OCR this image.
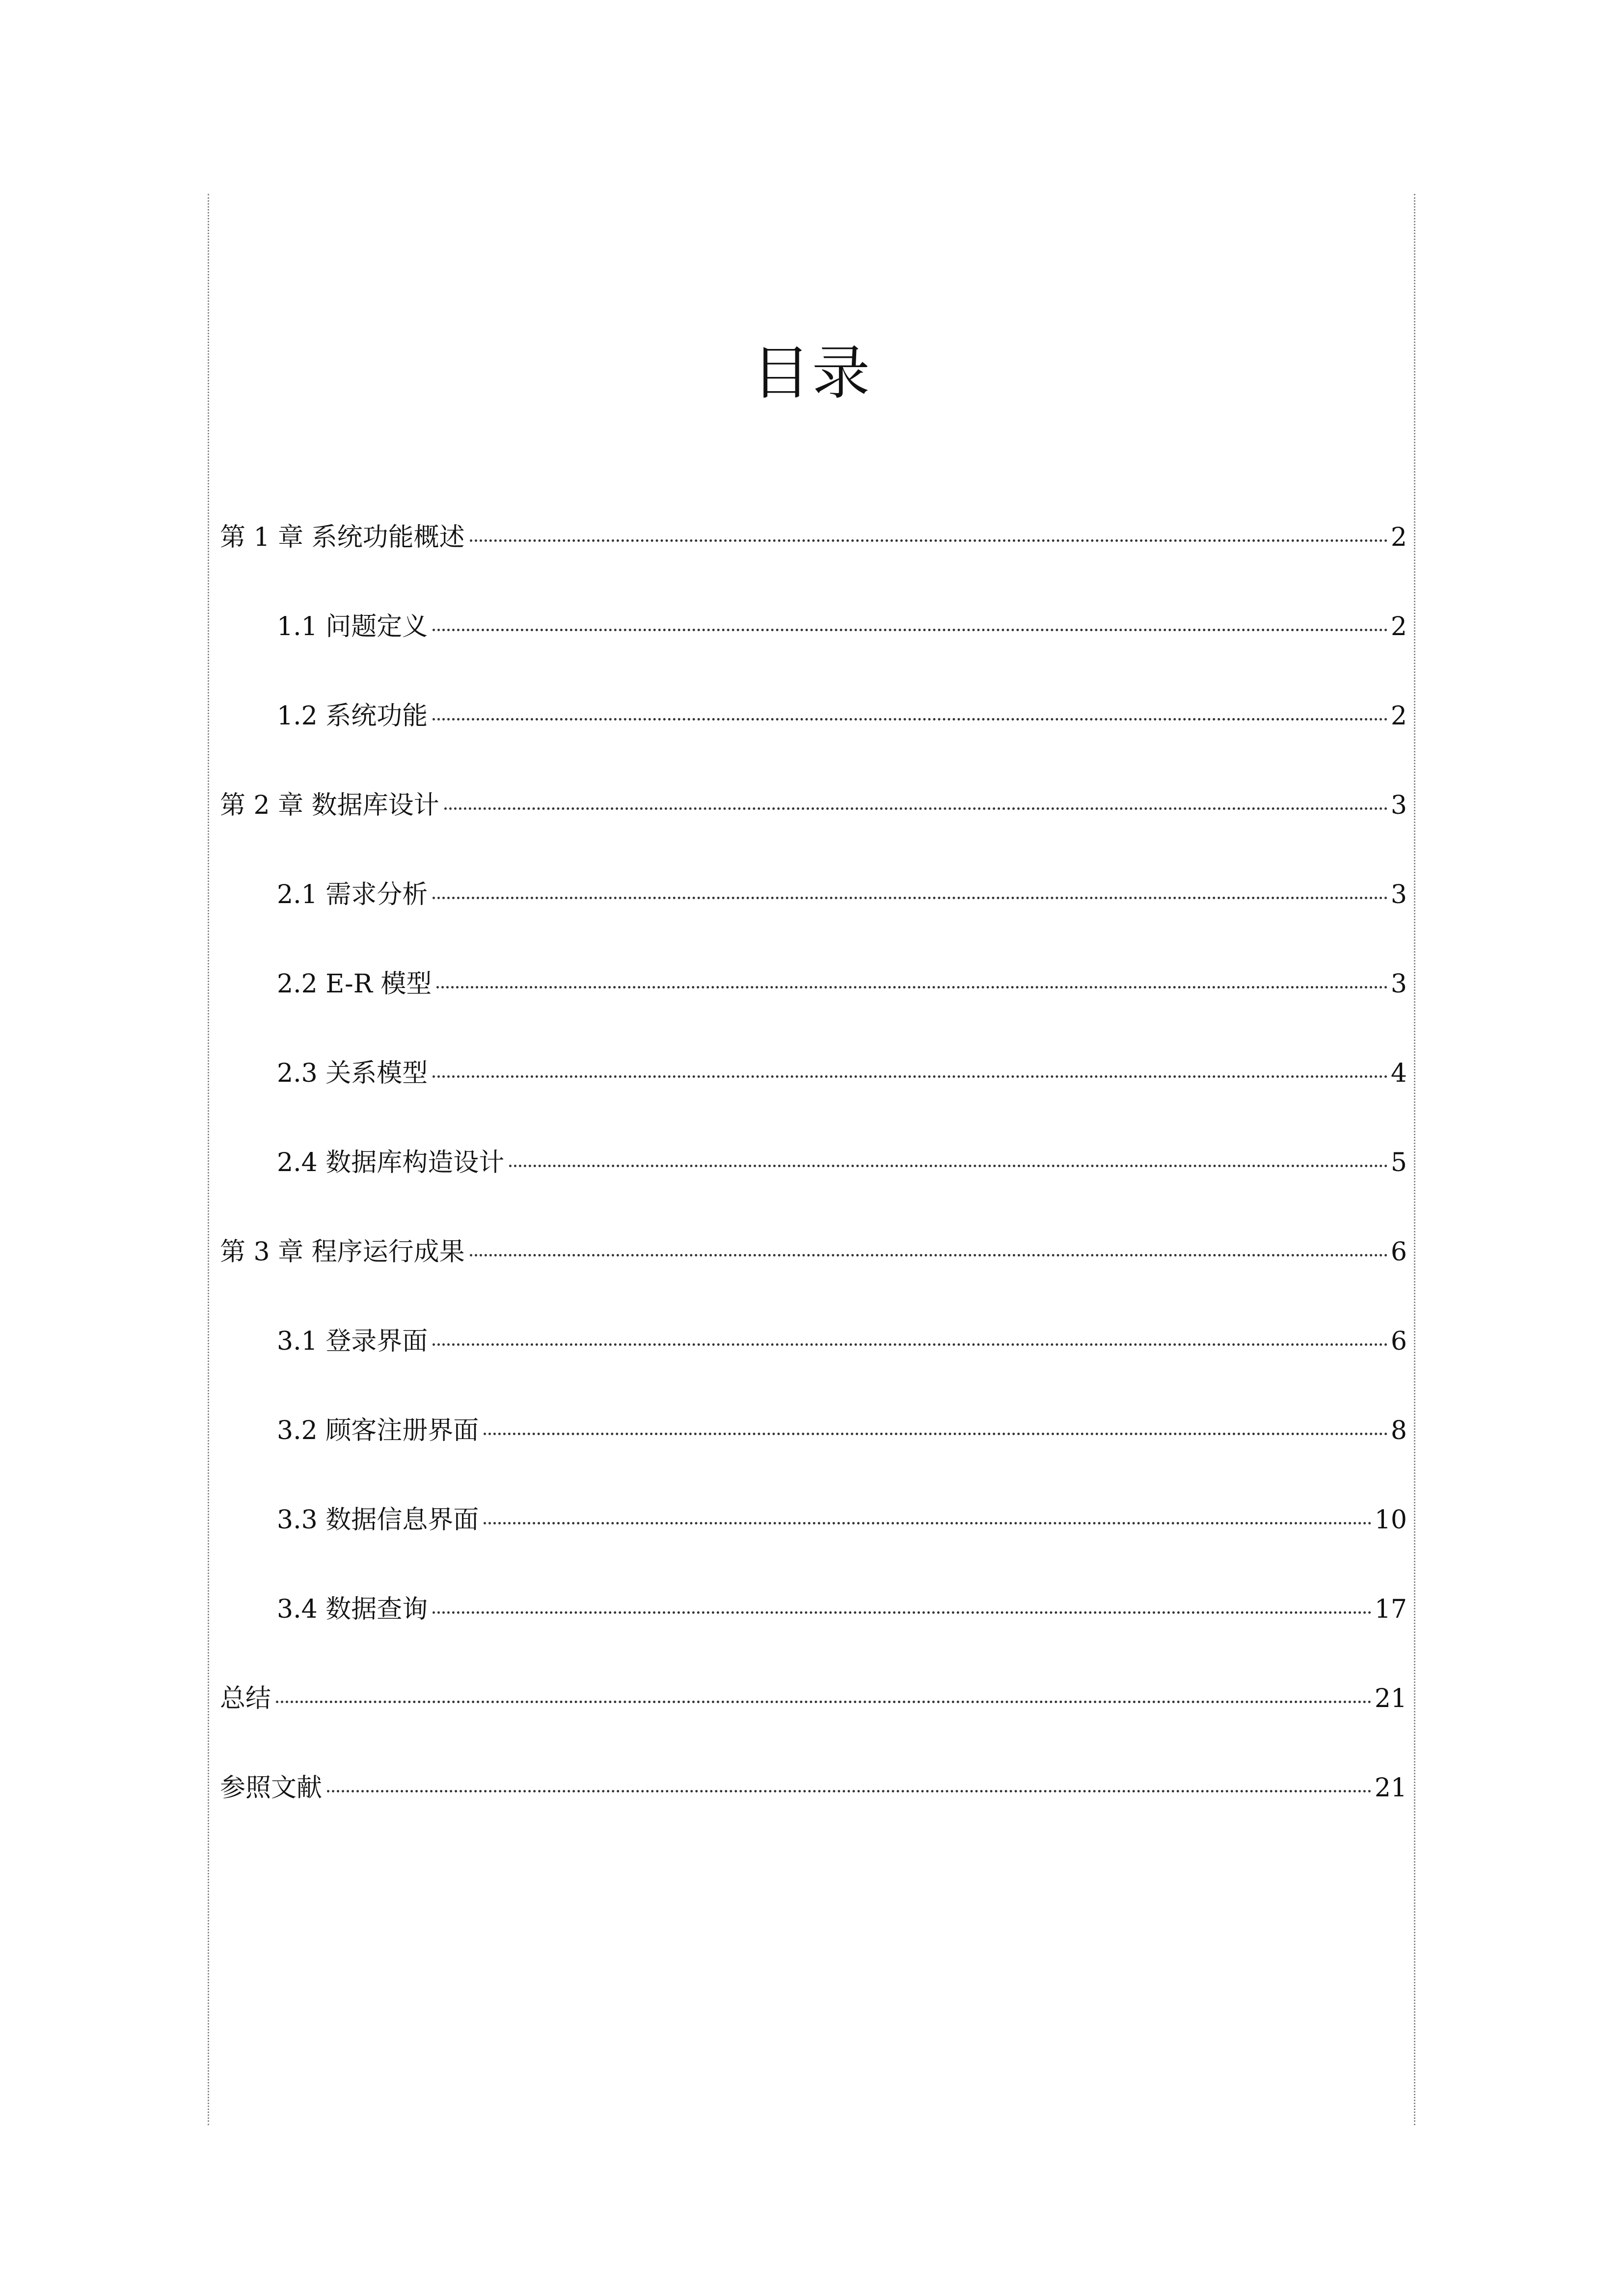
目录
第 1 章 系统功能概述	2
1.1 问题定义	2
1.2 系统功能	2
第 2 章 数据库设计	3
2.1 需求分析	3
2.2 E-R 模型	3
2.3 关系模型	4
2.4 数据库构造设计	5
第 3 章 程序运行成果	6
3.1 登录界面	6
3.2 顾客注册界面	8
3.3 数据信息界面	10
3.4 数据查询	17
总结	21
参照文献	21
